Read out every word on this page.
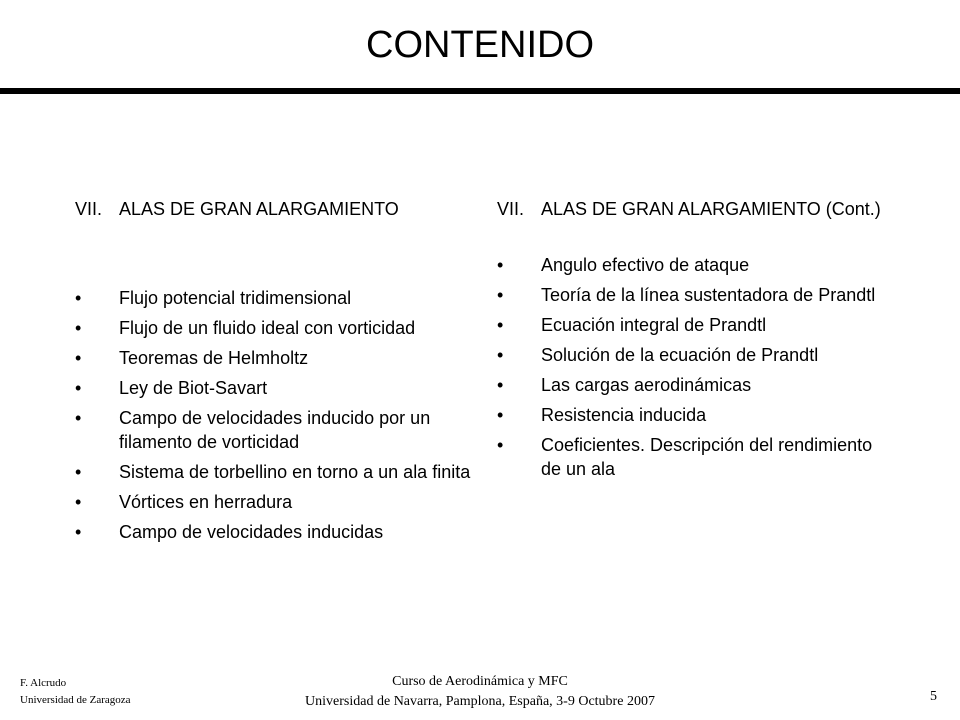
CONTENIDO
VII. ALAS DE GRAN ALARGAMIENTO
• Flujo potencial tridimensional
• Flujo de un fluido ideal con vorticidad
• Teoremas de Helmholtz
• Ley de Biot-Savart
• Campo de velocidades inducido por un filamento de vorticidad
• Sistema de torbellino en torno a un ala finita
• Vórtices en herradura
• Campo de velocidades inducidas
VII. ALAS DE GRAN ALARGAMIENTO (Cont.)
• Angulo efectivo de ataque
• Teoría de la línea sustentadora de Prandtl
• Ecuación integral de Prandtl
• Solución de la ecuación de Prandtl
• Las cargas aerodinámicas
• Resistencia inducida
• Coeficientes. Descripción del rendimiento de un ala
F. Alcrudo
Universidad de Zaragoza
Curso de Aerodinámica y MFC
Universidad de Navarra, Pamplona, España, 3-9 Octubre 2007	5
